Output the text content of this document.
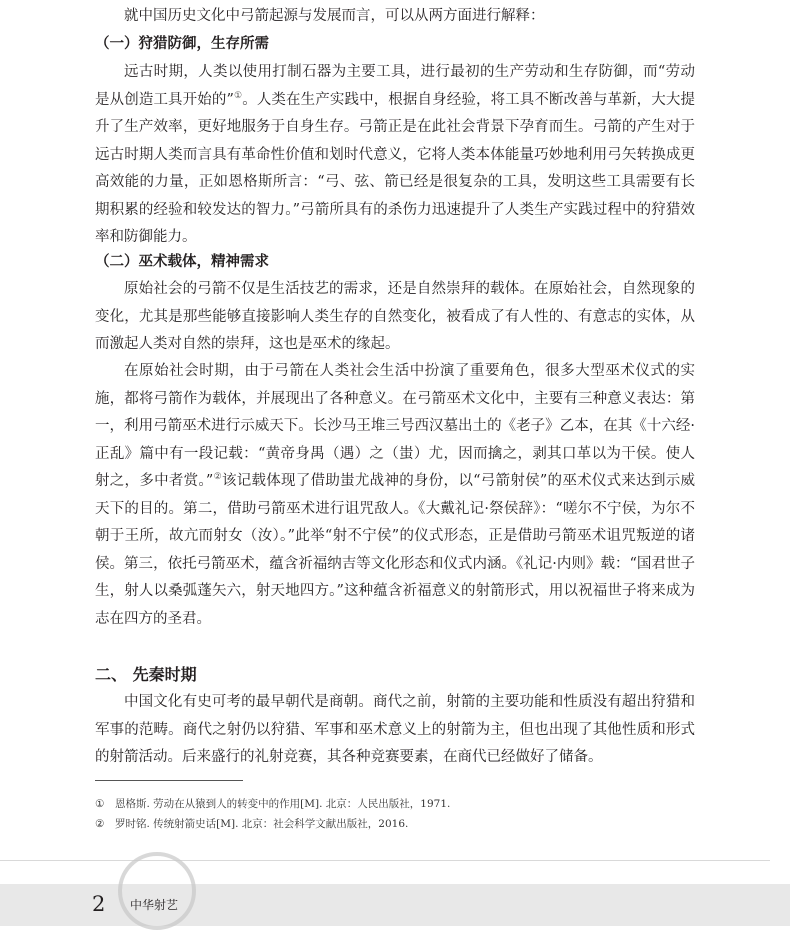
就中国历史文化中弓箭起源与发展而言，可以从两方面进行解释：

（一）狩猎防御，生存所需

远古时期，人类以使用打制石器为主要工具，进行最初的生产劳动和生存防御，而“劳动是从创造工具开始的”①。人类在生产实践中，根据自身经验，将工具不断改善与革新，大大提升了生产效率，更好地服务于自身生存。弓箭正是在此社会背景下孕育而生。弓箭的产生对于远古时期人类而言具有革命性价值和划时代意义，它将人类本体能量巧妙地利用弓矢转换成更高效能的力量，正如恩格斯所言：“弓、弦、箭已经是很复杂的工具，发明这些工具需要有长期积累的经验和较发达的智力。”弓箭所具有的杀伤力迅速提升了人类生产实践过程中的狩猎效率和防御能力。

（二）巫术载体，精神需求

原始社会的弓箭不仅是生活技艺的需求，还是自然崇拜的载体。在原始社会，自然现象的变化，尤其是那些能够直接影响人类生存的自然变化，被看成了有人性的、有意志的实体，从而激起人类对自然的崇拜，这也是巫术的缘起。

在原始社会时期，由于弓箭在人类社会生活中扮演了重要角色，很多大型巫术仪式的实施，都将弓箭作为载体，并展现出了各种意义。在弓箭巫术文化中，主要有三种意义表达：第一，利用弓箭巫术进行示威天下。长沙马王堆三号西汉墓出土的《老子》乙本，在其《十六经·正乱》篇中有一段记载：“黄帝身禺（遇）之（蚩）尤，因而擒之，剥其口革以为干侯。使人射之，多中者赏。”②该记载体现了借助蚩尤战神的身份，以“弓箭射侯”的巫术仪式来达到示威天下的目的。第二，借助弓箭巫术进行诅咒敌人。《大戴礼记·祭侯辞》：“嗟尔不宁侯，为尔不朝于王所，故亢而射女（汝）。”此举“射不宁侯”的仪式形态，正是借助弓箭巫术诅咒叛逆的诸侯。第三，依托弓箭巫术，蕴含祈福纳吉等文化形态和仪式内涵。《礼记·内则》载：“国君世子生，射人以桑弧蓬矢六，射天地四方。”这种蕴含祈福意义的射箭形式，用以祝福世子将来成为志在四方的圣君。

二、 先秦时期

中国文化有史可考的最早朝代是商朝。商代之前，射箭的主要功能和性质没有超出狩猎和军事的范畴。商代之射仍以狩猎、军事和巫术意义上的射箭为主，但也出现了其他性质和形式的射箭活动。后来盛行的礼射竞赛，其各种竞赛要素，在商代已经做好了储备。

① 恩格斯. 劳动在从猿到人的转变中的作用[M]. 北京：人民出版社，1971.

② 罗时铭. 传统射箭史话[M]. 北京：社会科学文献出版社，2016.

2 中华射艺
